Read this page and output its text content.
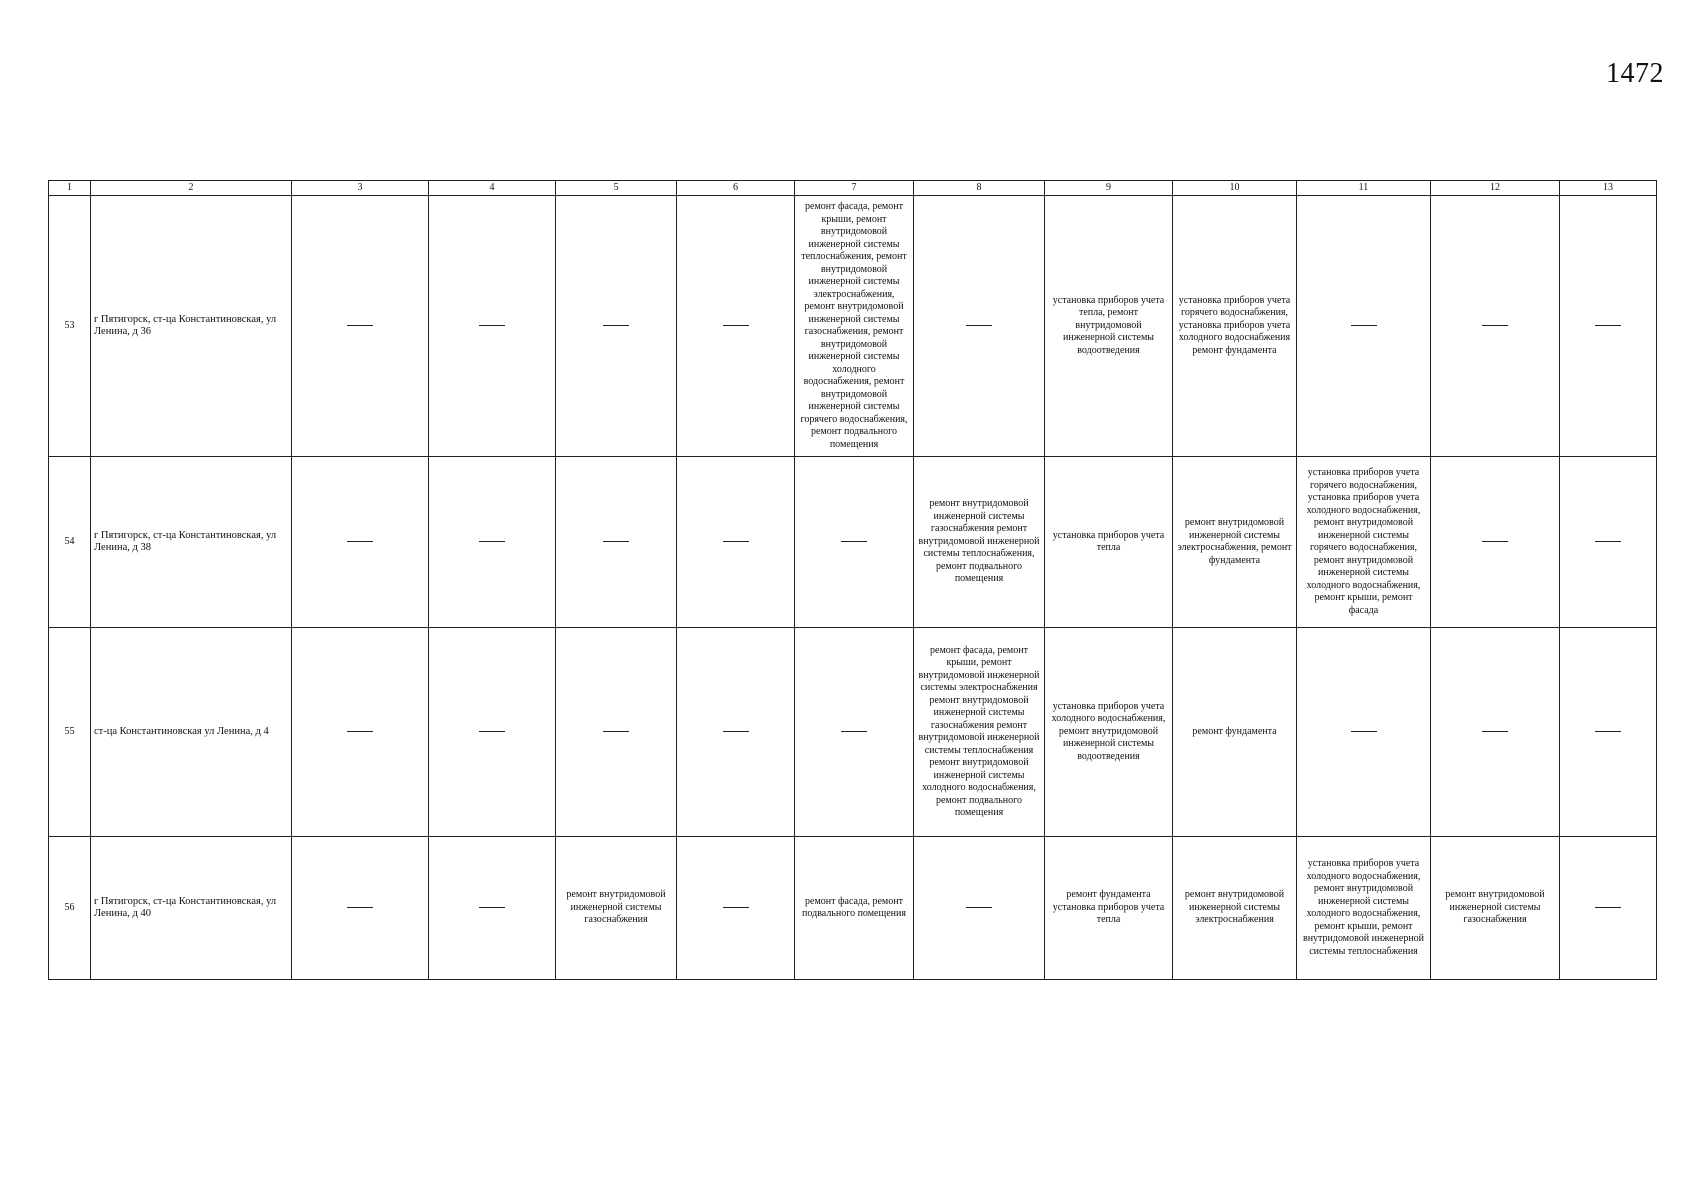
1472
1	2	3	4	5	6	7	8	9	10	11	12	13
53	г Пятигорск, ст-ца Константиновская, ул Ленина, д 36					ремонт фасада, ремонт крыши, ремонт внутридомовой инженерной системы теплоснабжения, ремонт внутридомовой инженерной системы электроснабжения, ремонт внутридомовой инженерной системы газоснабжения, ремонт внутридомовой инженерной системы холодного водоснабжения, ремонт внутридомовой инженерной системы горячего водоснабжения, ремонт подвального помещения		установка приборов учета тепла, ремонт внутридомовой инженерной системы водоотведения	установка приборов учета горячего водоснабжения, установка приборов учета холодного водоснабжения ремонт фундамента			
54	г Пятигорск, ст-ца Константиновская, ул Ленина, д 38						ремонт внутридомовой инженерной системы газоснабжения ремонт внутридомовой инженерной системы теплоснабжения, ремонт подвального помещения	установка приборов учета тепла	ремонт внутридомовой инженерной системы электроснабжения, ремонт фундамента	установка приборов учета горячего водоснабжения, установка приборов учета холодного водоснабжения, ремонт внутридомовой инженерной системы горячего водоснабжения, ремонт внутридомовой инженерной системы холодного водоснабжения, ремонт крыши, ремонт фасада		
55	ст-ца Константиновская ул Ленина, д 4						ремонт фасада, ремонт крыши, ремонт внутридомовой инженерной системы электроснабжения ремонт внутридомовой инженерной системы газоснабжения ремонт внутридомовой инженерной системы теплоснабжения ремонт внутридомовой инженерной системы холодного водоснабжения, ремонт подвального помещения	установка приборов учета холодного водоснабжения, ремонт внутридомовой инженерной системы водоотведения	ремонт фундамента			
56	г Пятигорск, ст-ца Константиновская, ул Ленина, д 40			ремонт внутридомовой инженерной системы газоснабжения		ремонт фасада, ремонт подвального помещения		ремонт фундамента установка приборов учета тепла	ремонт внутридомовой инженерной системы электроснабжения	установка приборов учета холодного водоснабжения, ремонт внутридомовой инженерной системы холодного водоснабжения, ремонт крыши, ремонт внутридомовой инженерной системы теплоснабжения	ремонт внутридомовой инженерной системы газоснабжения	
